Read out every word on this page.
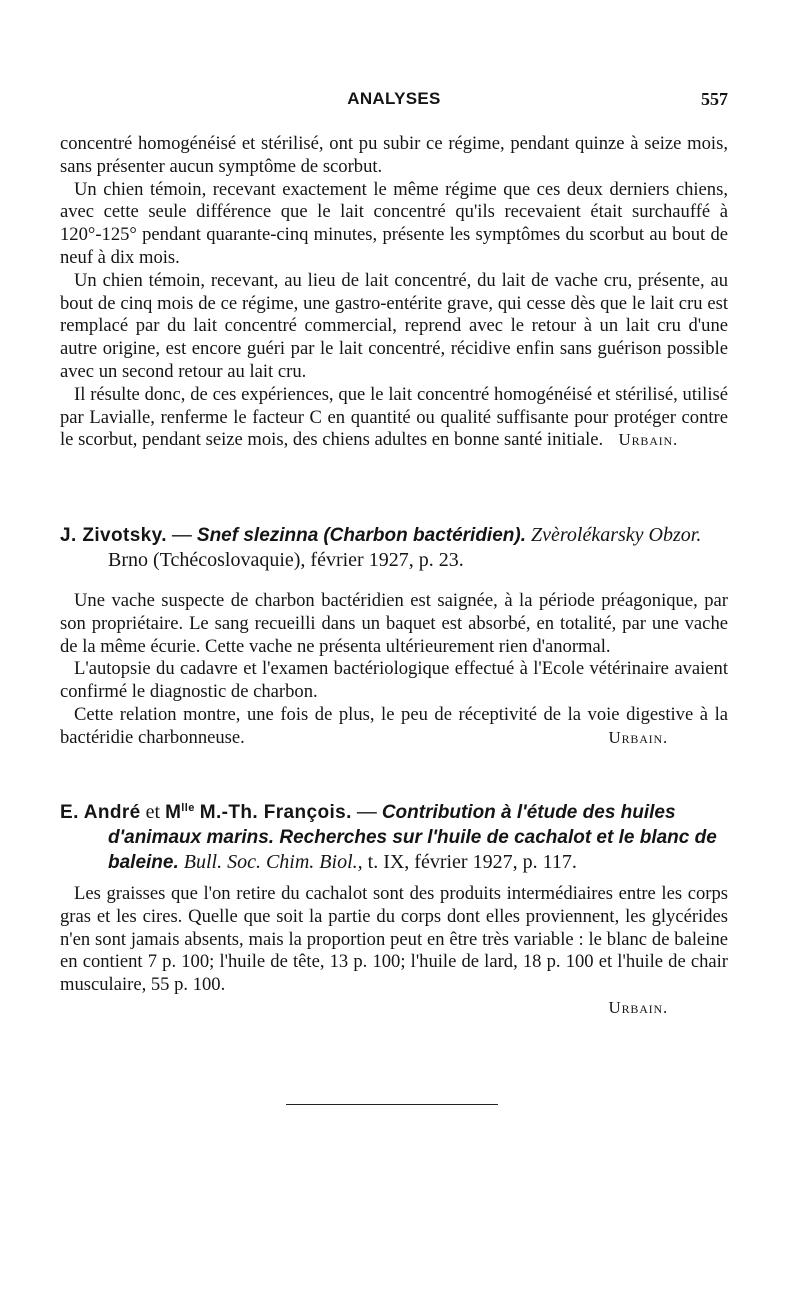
ANALYSES	557

concentré homogénéisé et stérilisé, ont pu subir ce régime, pendant quinze à seize mois, sans présenter aucun symptôme de scorbut.

Un chien témoin, recevant exactement le même régime que ces deux derniers chiens, avec cette seule différence que le lait concentré qu'ils recevaient était surchauffé à 120°-125° pendant quarante-cinq minutes, présente les symptômes du scorbut au bout de neuf à dix mois.

Un chien témoin, recevant, au lieu de lait concentré, du lait de vache cru, présente, au bout de cinq mois de ce régime, une gastro-entérite grave, qui cesse dès que le lait cru est remplacé par du lait concentré commercial, reprend avec le retour à un lait cru d'une autre origine, est encore guéri par le lait concentré, récidive enfin sans guérison possible avec un second retour au lait cru.

Il résulte donc, de ces expériences, que le lait concentré homogénéisé et stérilisé, utilisé par Lavialle, renferme le facteur C en quantité ou qualité suffisante pour protéger contre le scorbut, pendant seize mois, des chiens adultes en bonne santé initiale. Urbain.

J. Zivotsky. — Snef slezinna (Charbon bactéridien). Zvèrolékarsky Obzor. Brno (Tchécoslovaquie), février 1927, p. 23.

Une vache suspecte de charbon bactéridien est saignée, à la période préagonique, par son propriétaire. Le sang recueilli dans un baquet est absorbé, en totalité, par une vache de la même écurie. Cette vache ne présenta ultérieurement rien d'anormal.

L'autopsie du cadavre et l'examen bactériologique effectué à l'Ecole vétérinaire avaient confirmé le diagnostic de charbon.

Cette relation montre, une fois de plus, le peu de réceptivité de la voie digestive à la bactéridie charbonneuse.	Urbain.

E. André et $M^{lle}$ M.-Th. François. — Contribution à l'étude des huiles d'animaux marins. Recherches sur l'huile de cachalot et le blanc de baleine. Bull. Soc. Chim. Biol., t. IX, février 1927, p. 117.

Les graisses que l'on retire du cachalot sont des produits intermédiaires entre les corps gras et les cires. Quelle que soit la partie du corps dont elles proviennent, les glycérides n'en sont jamais absents, mais la proportion peut en être très variable : le blanc de baleine en contient 7 p. 100; l'huile de tête, 13 p. 100; l'huile de lard, 18 p. 100 et l'huile de chair musculaire, 55 p. 100.

Urbain.
